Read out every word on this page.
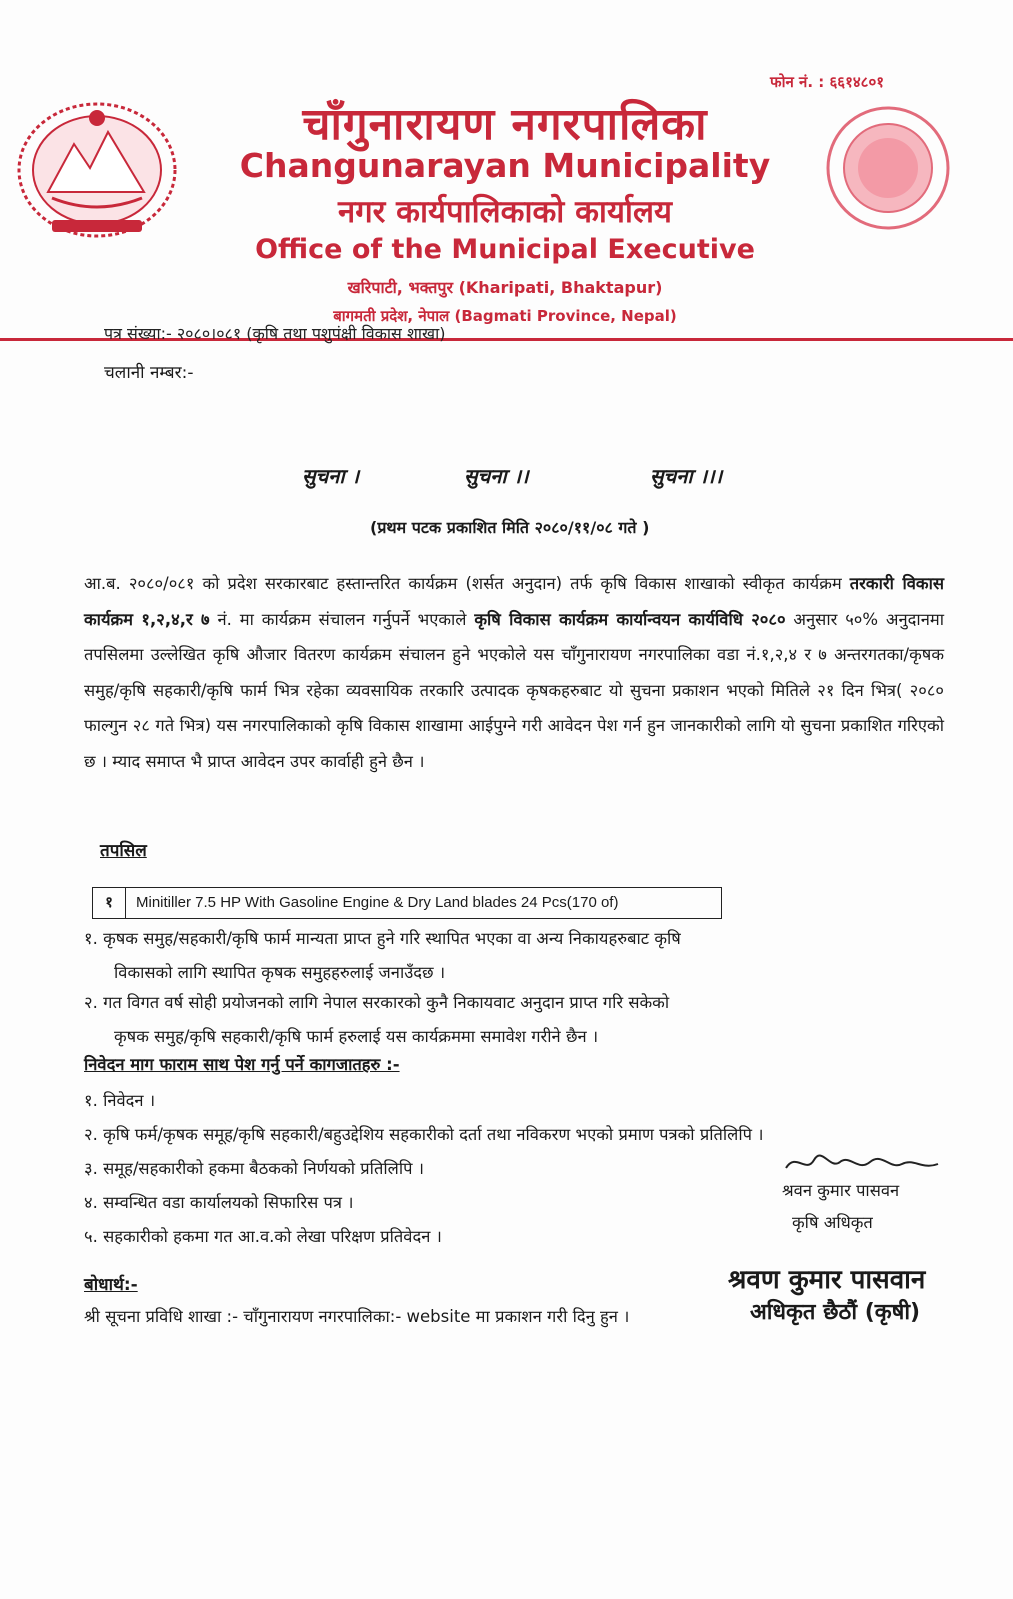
फोन नं. : ६६१४८०१
चाँगुनारायण नगरपालिका
Changunarayan Municipality
नगर कार्यपालिकाको कार्यालय
Office of the Municipal Executive
खरिपाटी, भक्तपुर (Kharipati, Bhaktapur)
बागमती प्रदेश, नेपाल (Bagmati Province, Nepal)
पत्र संख्या:- २०८०।०८१ (कृषि तथा पशुपंक्षी विकास शाखा)
चलानी नम्बर:-
सुचना ।	सुचना ।।	सुचना ।।।
(प्रथम पटक प्रकाशित मिति २०८०/११/०८ गते )
आ.ब. २०८०/०८१ को प्रदेश सरकारबाट हस्तान्तरित कार्यक्रम (शर्सत अनुदान) तर्फ कृषि विकास शाखाको स्वीकृत कार्यक्रम तरकारी विकास कार्यक्रम १,२,४,र ७ नं. मा कार्यक्रम संचालन गर्नुपर्ने भएकाले कृषि विकास कार्यक्रम कार्यान्वयन कार्यविधि २०८० अनुसार ५०% अनुदानमा तपसिलमा उल्लेखित कृषि औजार वितरण कार्यक्रम संचालन हुने भएकोले यस चाँगुनारायण नगरपालिका वडा नं.१,२,४ र ७ अन्तरगतका/कृषक समुह/कृषि सहकारी/कृषि फार्म भित्र रहेका व्यवसायिक तरकारि उत्पादक कृषकहरुबाट यो सुचना प्रकाशन भएको मितिले २१ दिन भित्र( २०८० फाल्गुन २८ गते भित्र) यस नगरपालिकाको कृषि विकास शाखामा आईपुग्ने गरी आवेदन पेश गर्न हुन जानकारीको लागि यो सुचना प्रकाशित गरिएको छ । म्याद समाप्त भै प्राप्त आवेदन उपर कार्वाही हुने छैन ।
तपसिल
१	Minitiller 7.5 HP With Gasoline Engine & Dry Land blades 24 Pcs(170 of)
१. कृषक समुह/सहकारी/कृषि फार्म मान्यता प्राप्त हुने गरि स्थापित भएका वा अन्य निकायहरुबाट कृषि
विकासको लागि स्थापित कृषक समुहहरुलाई जनाउँदछ ।
२. गत विगत वर्ष सोही प्रयोजनको लागि नेपाल सरकारको कुनै निकायवाट अनुदान प्राप्त गरि सकेको
कृषक समुह/कृषि सहकारी/कृषि फार्म हरुलाई यस कार्यक्रममा समावेश गरीने छैन ।
निवेदन माग फाराम साथ पेश गर्नु पर्ने कागजातहरु :-
१. निवेदन ।
२. कृषि फर्म/कृषक समूह/कृषि सहकारी/बहुउद्देशिय सहकारीको दर्ता तथा नविकरण भएको प्रमाण पत्रको प्रतिलिपि ।
३. समूह/सहकारीको हकमा बैठकको निर्णयको प्रतिलिपि ।
४. सम्वन्धित वडा कार्यालयको सिफारिस पत्र ।
५. सहकारीको हकमा गत आ.व.को लेखा परिक्षण प्रतिवेदन ।
श्रवन कुमार पासवन
कृषि अधिकृत
श्रवण कुमार पासवान
अधिकृत छैठौं (कृषी)
बोधार्थ:-
श्री सूचना प्रविधि शाखा :- चाँगुनारायण नगरपालिका:- website मा प्रकाशन गरी दिनु हुन ।
